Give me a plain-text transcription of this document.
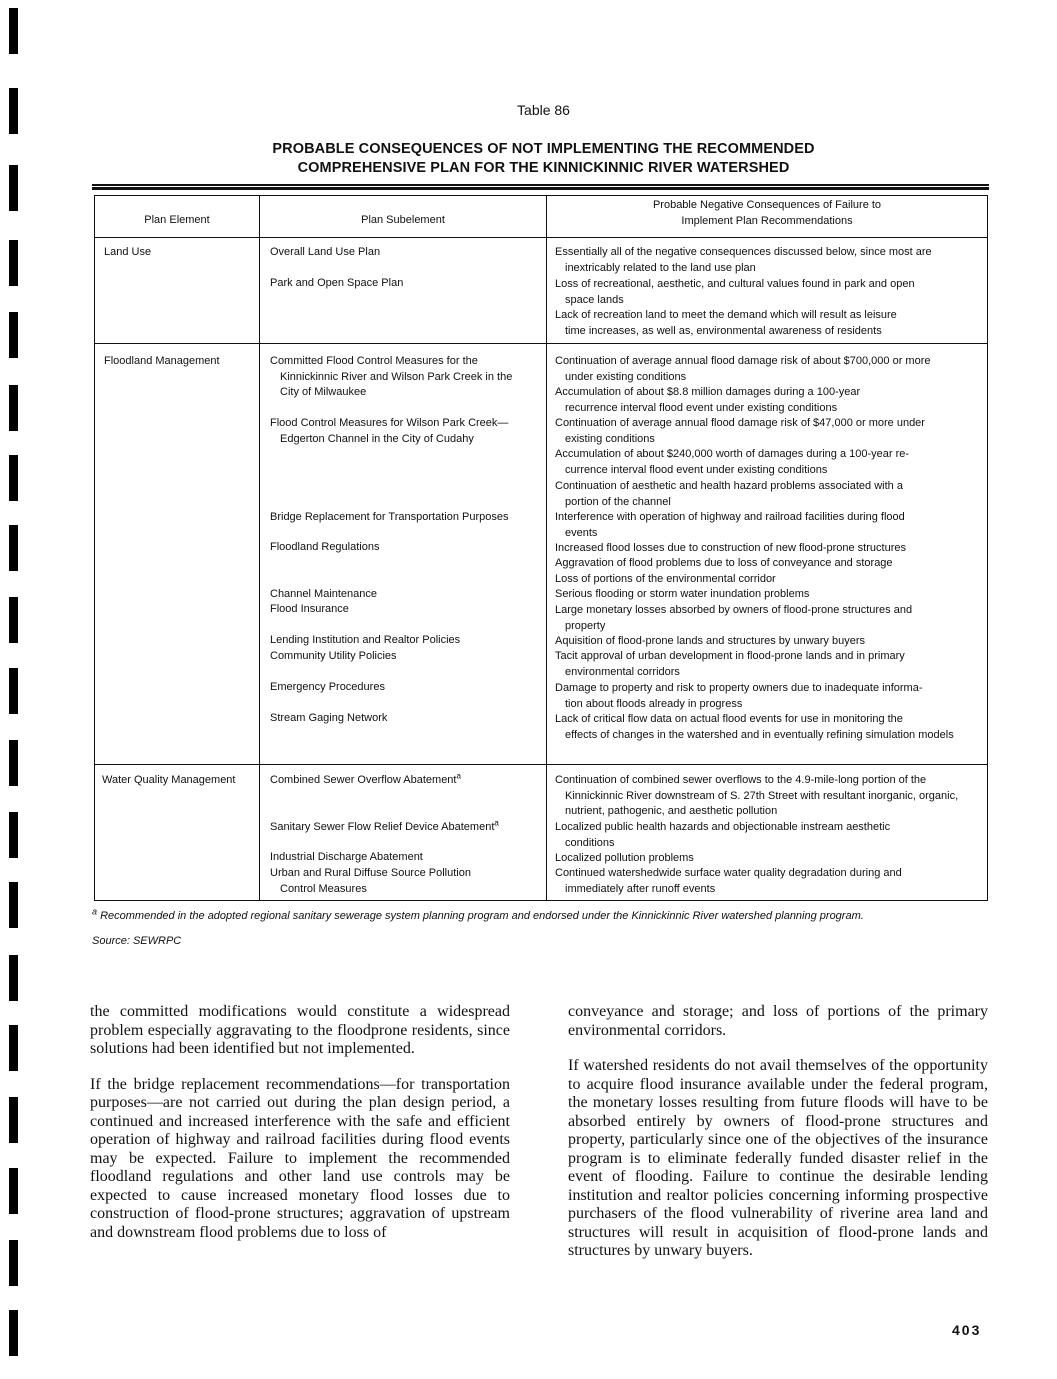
Table 86
PROBABLE CONSEQUENCES OF NOT IMPLEMENTING THE RECOMMENDED
COMPREHENSIVE PLAN FOR THE KINNICKINNIC RIVER WATERSHED
Plan Element	Plan Subelement
Probable Negative Consequences of Failure to
Implement Plan Recommendations
Land Use
Floodland Management
Water Quality Management
Overall Land Use Plan
Park and Open Space Plan
Committed Flood Control Measures for the
Kinnickinnic River and Wilson Park Creek in the City of Milwaukee
Flood Control Measures for Wilson Park Creek—
Edgerton Channel in the City of Cudahy
Bridge Replacement for Transportation Purposes
Floodland Regulations
Channel Maintenance
Flood Insurance
Lending Institution and Realtor Policies
Community Utility Policies
Emergency Procedures
Stream Gaging Network
Combined Sewer Overflow Abatement$^a$
Sanitary Sewer Flow Relief Device Abatement$^a$
Industrial Discharge Abatement
Urban and Rural Diffuse Source Pollution
Control Measures
Essentially all of the negative consequences discussed below, since most are
inextricably related to the land use plan
Loss of recreational, aesthetic, and cultural values found in park and open
space lands
Lack of recreation land to meet the demand which will result as leisure
time increases, as well as, environmental awareness of residents
Continuation of average annual flood damage risk of about $700,000 or more
under existing conditions
Accumulation of about $8.8 million damages during a 100-year
recurrence interval flood event under existing conditions
Continuation of average annual flood damage risk of $47,000 or more under
existing conditions
Accumulation of about $240,000 worth of damages during a 100-year re-
currence interval flood event under existing conditions
Continuation of aesthetic and health hazard problems associated with a
portion of the channel
Interference with operation of highway and railroad facilities during flood
events
Increased flood losses due to construction of new flood-prone structures
Aggravation of flood problems due to loss of conveyance and storage
Loss of portions of the environmental corridor
Serious flooding or storm water inundation problems
Large monetary losses absorbed by owners of flood-prone structures and
property
Aquisition of flood-prone lands and structures by unwary buyers
Tacit approval of urban development in flood-prone lands and in primary
environmental corridors
Damage to property and risk to property owners due to inadequate informa-
tion about floods already in progress
Lack of critical flow data on actual flood events for use in monitoring the
effects of changes in the watershed and in eventually refining simulation models
Continuation of combined sewer overflows to the 4.9-mile-long portion of the
Kinnickinnic River downstream of S. 27th Street with resultant inorganic, organic, nutrient, pathogenic, and aesthetic pollution
Localized public health hazards and objectionable instream aesthetic
conditions
Localized pollution problems
Continued watershedwide surface water quality degradation during and
immediately after runoff events
$^a$ Recommended in the adopted regional sanitary sewerage system planning program and endorsed under the Kinnickinnic River watershed planning program.
Source: SEWRPC

the committed modifications would constitute a widespread problem especially aggravating to the floodprone residents, since solutions had been identified but not implemented.

If the bridge replacement recommendations—for transportation purposes—are not carried out during the plan design period, a continued and increased interference with the safe and efficient operation of highway and railroad facilities during flood events may be expected. Failure to implement the recommended floodland regulations and other land use controls may be expected to cause increased monetary flood losses due to construction of flood-prone structures; aggravation of upstream and downstream flood problems due to loss of

conveyance and storage; and loss of portions of the primary environmental corridors.

If watershed residents do not avail themselves of the opportunity to acquire flood insurance available under the federal program, the monetary losses resulting from future floods will have to be absorbed entirely by owners of flood-prone structures and property, particularly since one of the objectives of the insurance program is to eliminate federally funded disaster relief in the event of flooding. Failure to continue the desirable lending institution and realtor policies concerning informing prospective purchasers of the flood vulnerability of riverine area land and structures will result in acquisition of flood-prone lands and structures by unwary buyers.

403
